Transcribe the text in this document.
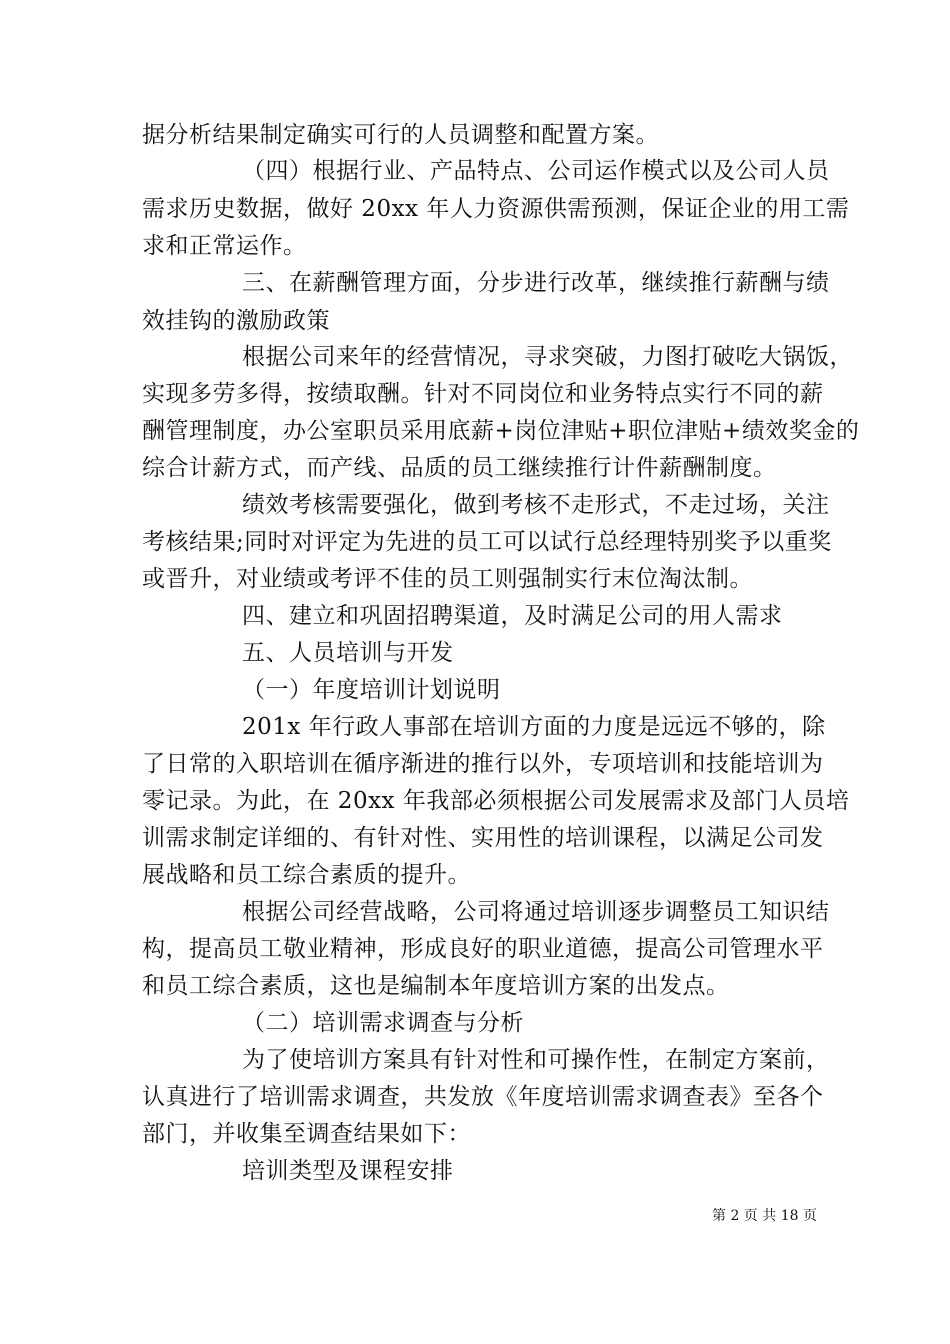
据分析结果制定确实可行的人员调整和配置方案。
（四）根据行业、产品特点、公司运作模式以及公司人员
需求历史数据，做好 20xx 年人力资源供需预测，保证企业的用工需
求和正常运作。
三、在薪酬管理方面，分步进行改革，继续推行薪酬与绩
效挂钩的激励政策
根据公司来年的经营情况，寻求突破，力图打破吃大锅饭，
实现多劳多得，按绩取酬。针对不同岗位和业务特点实行不同的薪
酬管理制度，办公室职员采用底薪+岗位津贴+职位津贴+绩效奖金的
综合计薪方式，而产线、品质的员工继续推行计件薪酬制度。
绩效考核需要强化，做到考核不走形式，不走过场，关注
考核结果;同时对评定为先进的员工可以试行总经理特别奖予以重奖
或晋升，对业绩或考评不佳的员工则强制实行末位淘汰制。
四、建立和巩固招聘渠道，及时满足公司的用人需求
五、人员培训与开发
（一）年度培训计划说明
201x 年行政人事部在培训方面的力度是远远不够的，除
了日常的入职培训在循序渐进的推行以外，专项培训和技能培训为
零记录。为此，在 20xx 年我部必须根据公司发展需求及部门人员培
训需求制定详细的、有针对性、实用性的培训课程，以满足公司发
展战略和员工综合素质的提升。
根据公司经营战略，公司将通过培训逐步调整员工知识结
构，提高员工敬业精神，形成良好的职业道德，提高公司管理水平
和员工综合素质，这也是编制本年度培训方案的出发点。
（二）培训需求调查与分析
为了使培训方案具有针对性和可操作性，在制定方案前，
认真进行了培训需求调查，共发放《年度培训需求调查表》至各个
部门，并收集至调查结果如下：
培训类型及课程安排
第 2 页 共 18 页
